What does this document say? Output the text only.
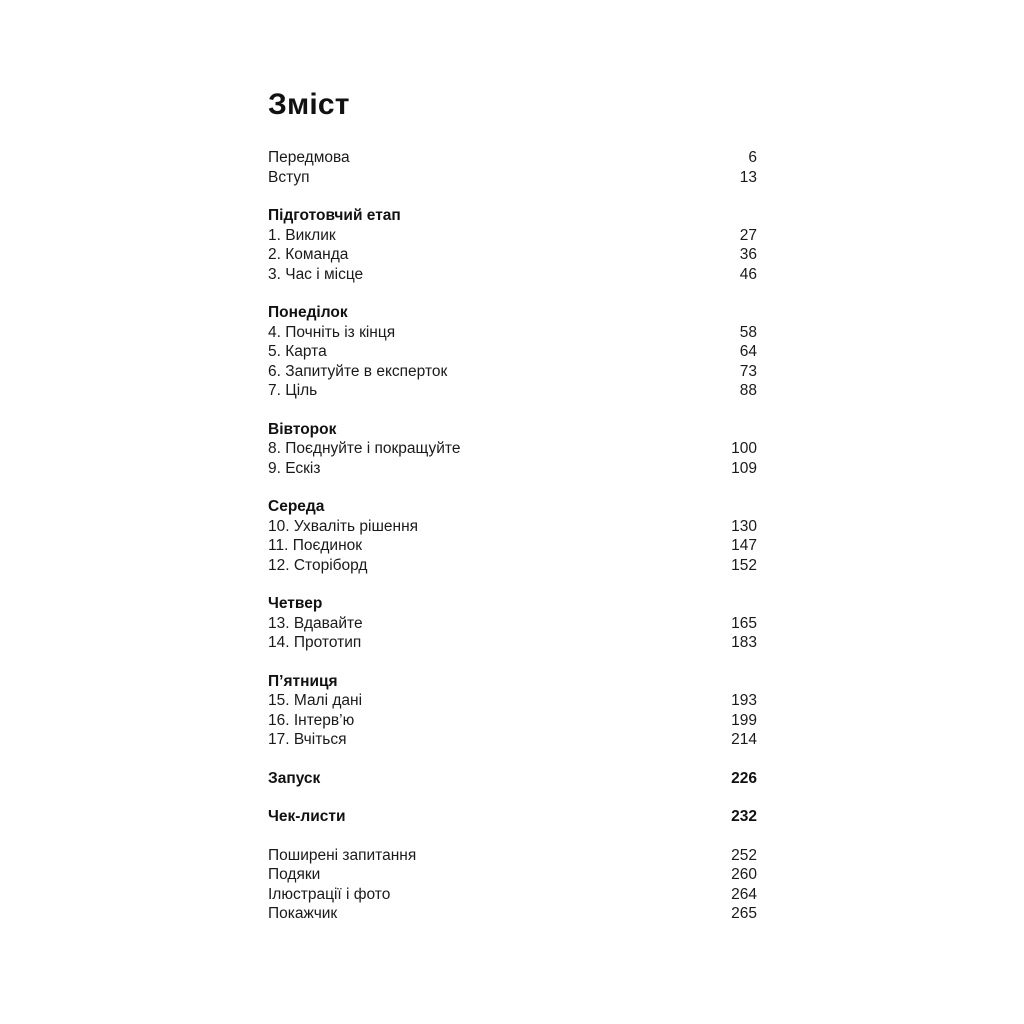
Зміст
Передмова	6
Вступ	13
Підготовчий етап
1. Виклик	27
2. Команда	36
3. Час і місце	46
Понеділок
4. Почніть із кінця	58
5. Карта	64
6. Запитуйте в експерток	73
7. Ціль	88
Вівторок
8. Поєднуйте і покращуйте	100
9. Ескіз	109
Середа
10. Ухваліть рішення	130
11. Поєдинок	147
12. Сторіборд	152
Четвер
13. Вдавайте	165
14. Прототип	183
П’ятниця
15. Малі дані	193
16. Інтерв’ю	199
17. Вчіться	214
Запуск	226
Чек-листи	232
Поширені запитання	252
Подяки	260
Ілюстрації і фото	264
Покажчик	265
